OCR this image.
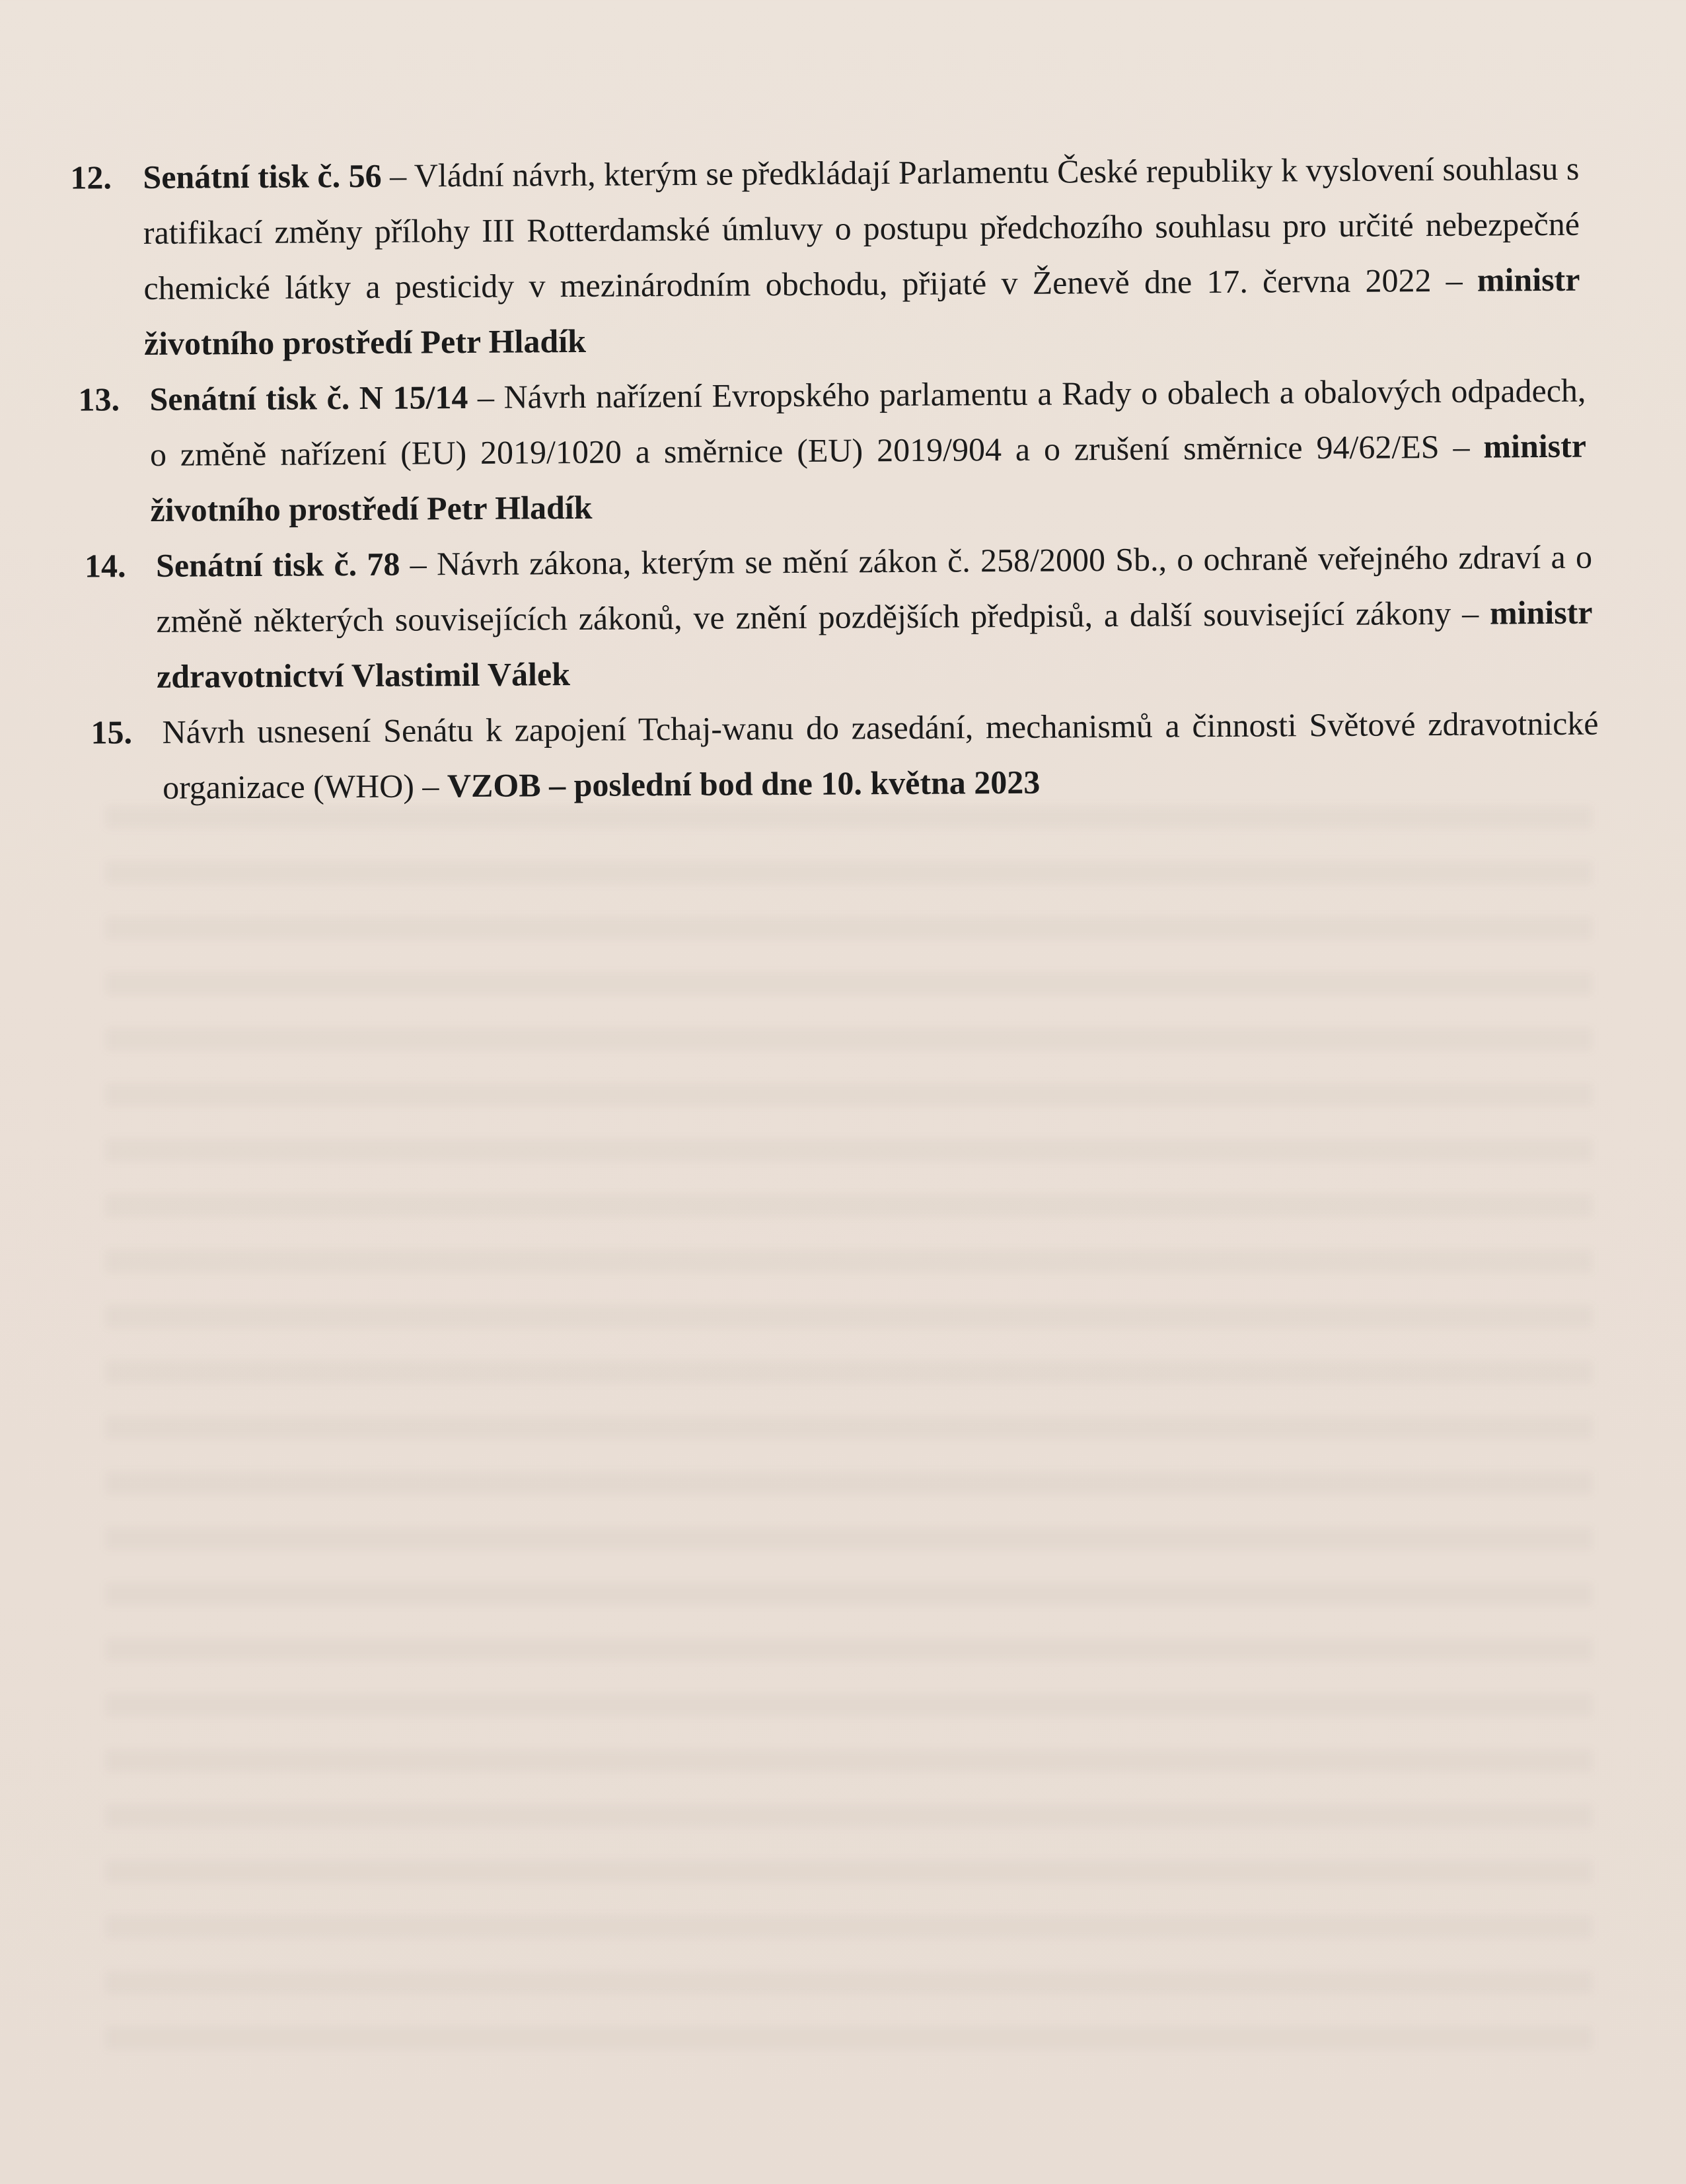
12. Senátní tisk č. 56 – Vládní návrh, kterým se předkládají Parlamentu České republiky k vyslovení souhlasu s ratifikací změny přílohy III Rotterdamské úmluvy o postupu předchozího souhlasu pro určité nebezpečné chemické látky a pesticidy v mezinárodním obchodu, přijaté v Ženevě dne 17. června 2022 – ministr životního prostředí Petr Hladík
13. Senátní tisk č. N 15/14 – Návrh nařízení Evropského parlamentu a Rady o obalech a obalových odpadech, o změně nařízení (EU) 2019/1020 a směrnice (EU) 2019/904 a o zrušení směrnice 94/62/ES – ministr životního prostředí Petr Hladík
14. Senátní tisk č. 78 – Návrh zákona, kterým se mění zákon č. 258/2000 Sb., o ochraně veřejného zdraví a o změně některých souvisejících zákonů, ve znění pozdějších předpisů, a další související zákony – ministr zdravotnictví Vlastimil Válek
15. Návrh usnesení Senátu k zapojení Tchaj-wanu do zasedání, mechanismů a činnosti Světové zdravotnické organizace (WHO) – VZOB – poslední bod dne 10. května 2023
